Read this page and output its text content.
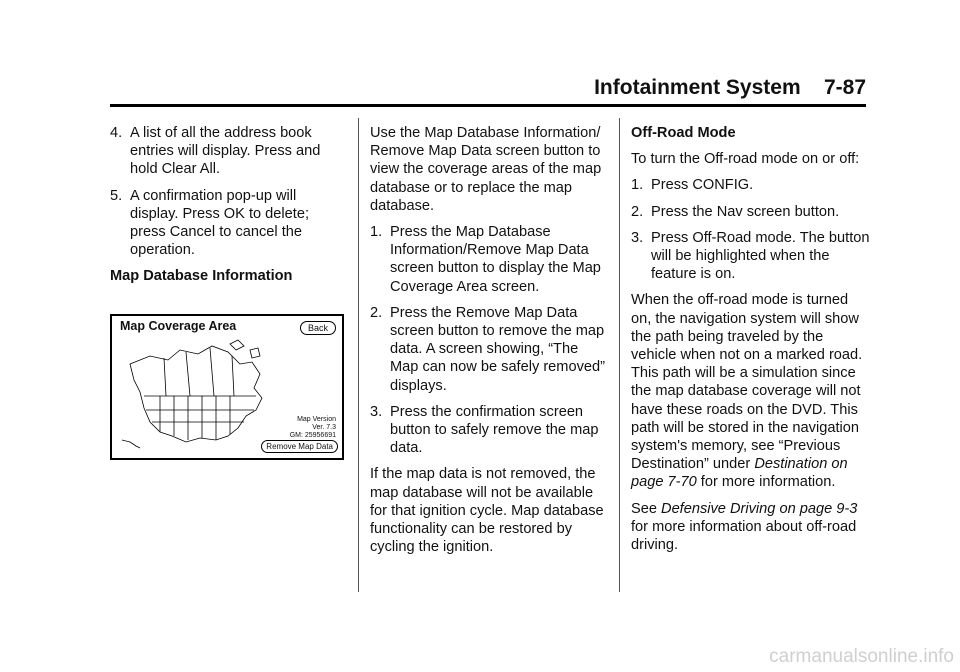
Infotainment System    7-87
4. A list of all the address book entries will display. Press and hold Clear All.
5. A confirmation pop-up will display. Press OK to delete; press Cancel to cancel the operation.

Map Database Information

Map Coverage Area	Back
Map Version
Ver. 7.3
GM: 25956691
Remove Map Data

Use the Map Database Information/ Remove Map Data screen button to view the coverage areas of the map database or to replace the map database.

1. Press the Map Database Information/Remove Map Data screen button to display the Map Coverage Area screen.
2. Press the Remove Map Data screen button to remove the map data. A screen showing, “The Map can now be safely removed” displays.
3. Press the confirmation screen button to safely remove the map data.

If the map data is not removed, the map database will not be available for that ignition cycle. Map database functionality can be restored by cycling the ignition.

Off-Road Mode

To turn the Off-road mode on or off:

1. Press CONFIG.
2. Press the Nav screen button.
3. Press Off-Road mode. The button will be highlighted when the feature is on.

When the off-road mode is turned on, the navigation system will show the path being traveled by the vehicle when not on a marked road. This path will be a simulation since the map database coverage will not have these roads on the DVD. This path will be stored in the navigation system's memory, see “Previous Destination” under Destination on page 7-70 for more information.

See Defensive Driving on page 9-3 for more information about off-road driving.

carmanualsonline.info
